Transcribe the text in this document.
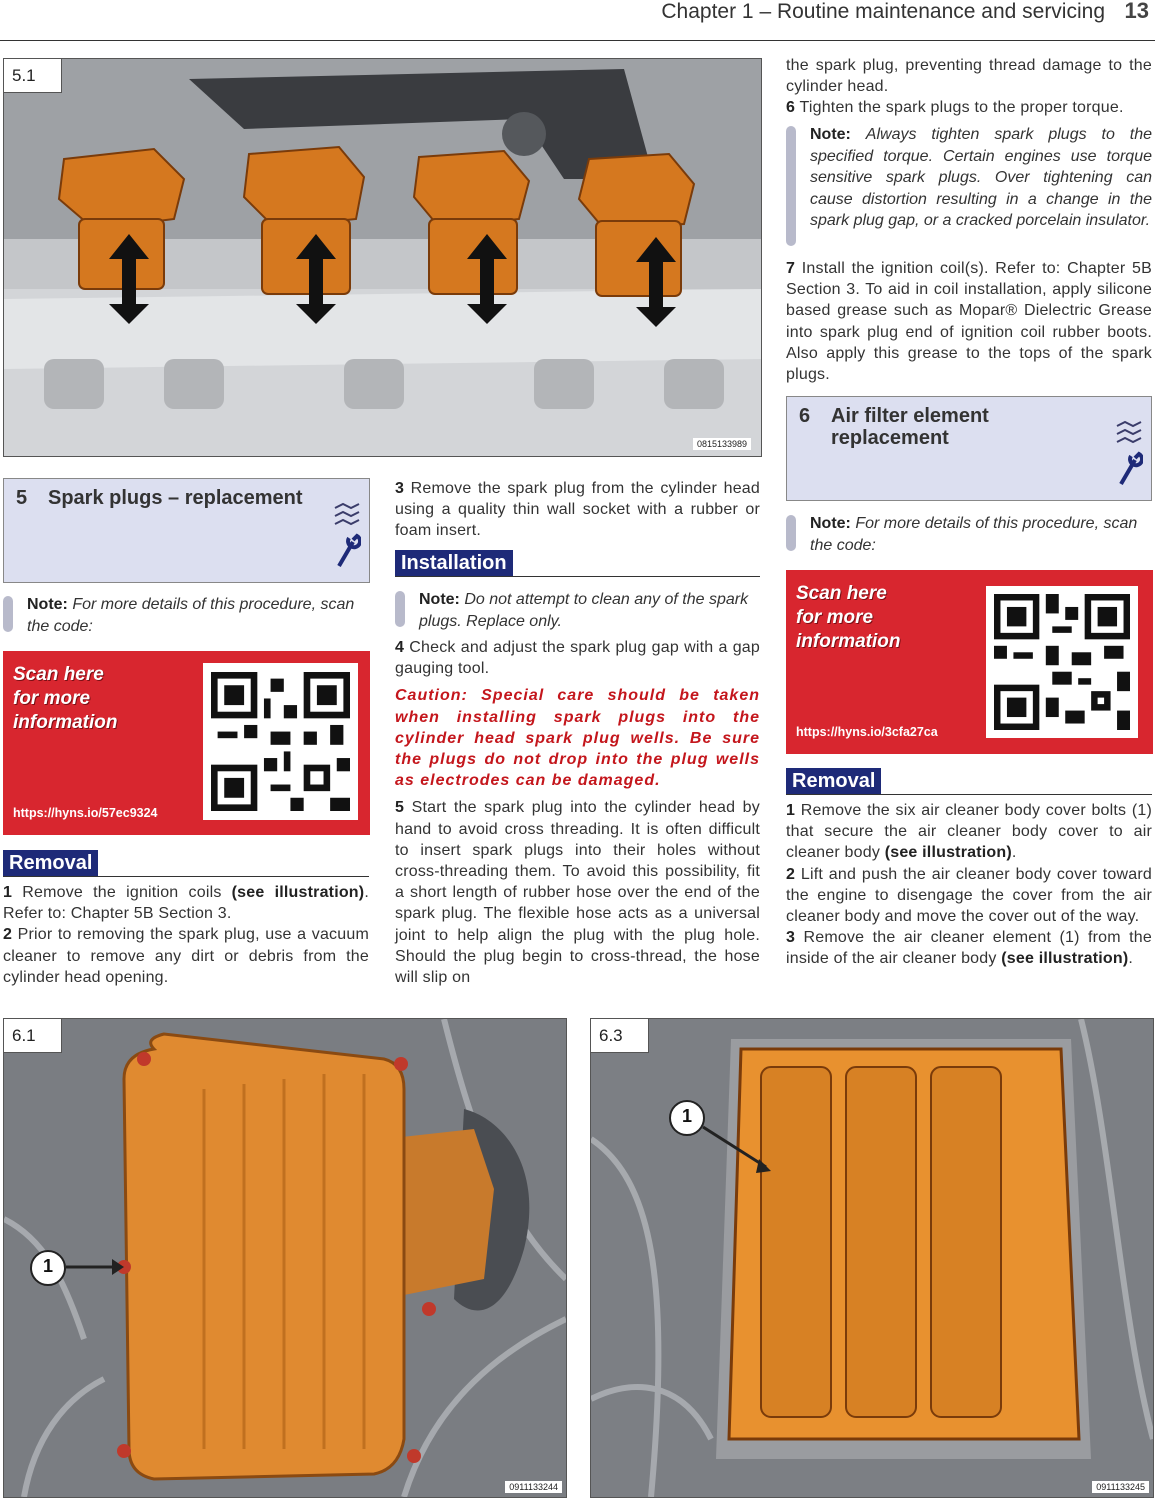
Chapter 1 – Routine maintenance and servicing 13
5.1
0815133989
5 Spark plugs – replacement
Note: For more details of this procedure, scan the code:
Scan here
for more
information
https://hyns.io/57ec9324
Removal

1 Remove the ignition coils (see illustration). Refer to: Chapter 5B Section 3.

2 Prior to removing the spark plug, use a vacuum cleaner to remove any dirt or debris from the cylinder head opening.

3 Remove the spark plug from the cylinder head using a quality thin wall socket with a rubber or foam insert.

Installation
Note: Do not attempt to clean any of the spark plugs. Replace only.

4 Check and adjust the spark plug gap with a gap gauging tool.

Caution: Special care should be taken when installing spark plugs into the cylinder head spark plug wells. Be sure the plugs do not drop into the plug wells as electrodes can be damaged.

5 Start the spark plug into the cylinder head by hand to avoid cross threading. It is often difficult to insert spark plugs into their holes without cross-threading them. To avoid this possibility, fit a short length of rubber hose over the end of the spark plug. The flexible hose acts as a universal joint to help align the plug with the plug hole. Should the plug begin to cross-thread, the hose will slip on

the spark plug, preventing thread damage to the cylinder head.

6 Tighten the spark plugs to the proper torque.

Note: Always tighten spark plugs to the specified torque. Certain engines use torque sensitive spark plugs. Over tightening can cause distortion resulting in a change in the spark plug gap, or a cracked porcelain insulator.

7 Install the ignition coil(s). Refer to: Chapter 5B Section 3. To aid in coil installation, apply silicone based grease such as Mopar® Dielectric Grease into spark plug end of ignition coil rubber boots. Also apply this grease to the tops of the spark plugs.

6 Air filter element
replacement
Note: For more details of this procedure, scan the code:
Scan here
for more
information
https://hyns.io/3cfa27ca
Removal

1 Remove the six air cleaner body cover bolts (1) that secure the air cleaner body cover to air cleaner body (see illustration).

2 Lift and push the air cleaner body cover toward the engine to disengage the cover from the air cleaner body and move the cover out of the way.

3 Remove the air cleaner element (1) from the inside of the air cleaner body (see illustration).

6.1
1
0911133244
6.3
1
0911133245
